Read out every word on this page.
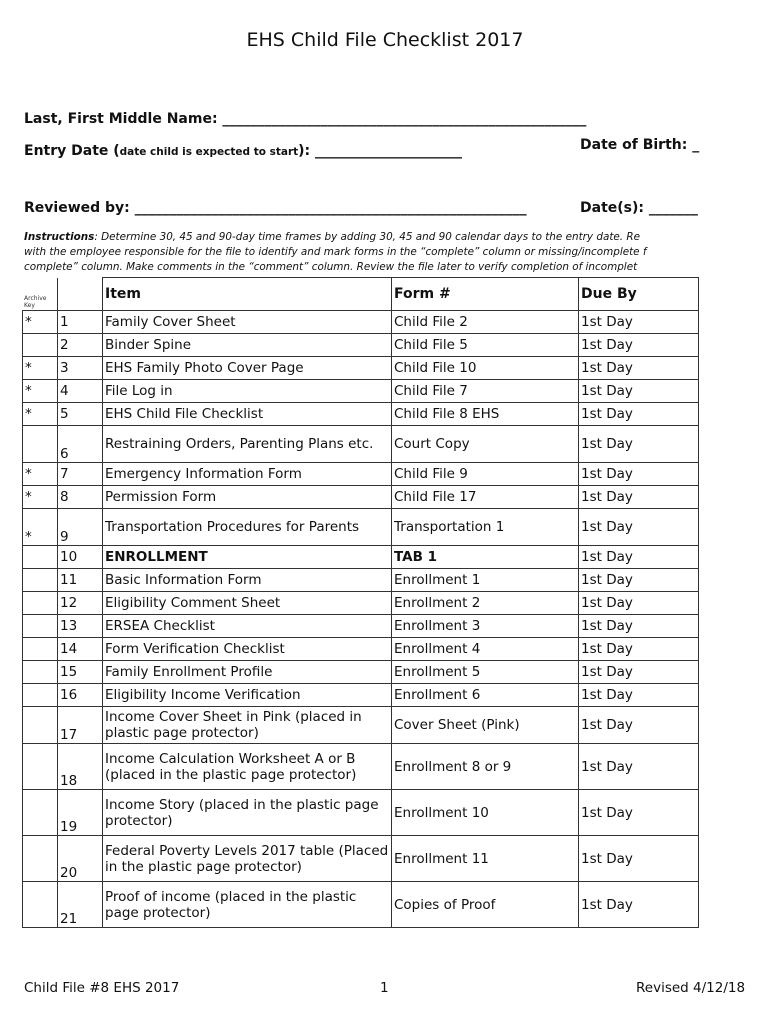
EHS Child File Checklist 2017
Last, First Middle Name: ____________________________________________________
Entry Date (date child is expected to start): _____________________	Date of Birth: _
Reviewed by: ________________________________________________________	Date(s): _______
Instructions: Determine 30, 45 and 90-day time frames by adding 30, 45 and 90 calendar days to the entry date. Re
with the employee responsible for the file to identify and mark forms in the “complete” column or missing/incomplete f
complete” column. Make comments in the “comment” column. Review the file later to verify completion of incomplet
Archive
Key
		Item	Form #	Due By
*	1	Family Cover Sheet	Child File 2	1st Day
	2	Binder Spine	Child File 5	1st Day
*	3	EHS Family Photo Cover Page	Child File 10	1st Day
*	4	File Log in	Child File 7	1st Day
*	5	EHS Child File Checklist	Child File 8 EHS	1st Day
	6	Restraining Orders, Parenting Plans etc.	Court Copy	1st Day
*	7	Emergency Information Form	Child File 9	1st Day
*	8	Permission Form	Child File 17	1st Day
*	9	Transportation Procedures for Parents	Transportation 1	1st Day
	10	ENROLLMENT	TAB 1	1st Day
	11	Basic Information Form	Enrollment 1	1st Day
	12	Eligibility Comment Sheet	Enrollment 2	1st Day
	13	ERSEA Checklist	Enrollment 3	1st Day
	14	Form Verification Checklist	Enrollment 4	1st Day
	15	Family Enrollment Profile	Enrollment 5	1st Day
	16	Eligibility Income Verification	Enrollment 6	1st Day
	17	Income Cover Sheet in Pink (placed in plastic page protector)	Cover Sheet (Pink)	1st Day
	18	Income Calculation Worksheet A or B (placed in the plastic page protector)	Enrollment 8 or 9	1st Day
	19	Income Story (placed in the plastic page protector)	Enrollment 10	1st Day
	20	Federal Poverty Levels 2017 table (Placed in the plastic page protector)	Enrollment 11	1st Day
	21	Proof of income (placed in the plastic page protector)	Copies of Proof	1st Day
Child File #8 EHS 2017	1	Revised 4/12/18
